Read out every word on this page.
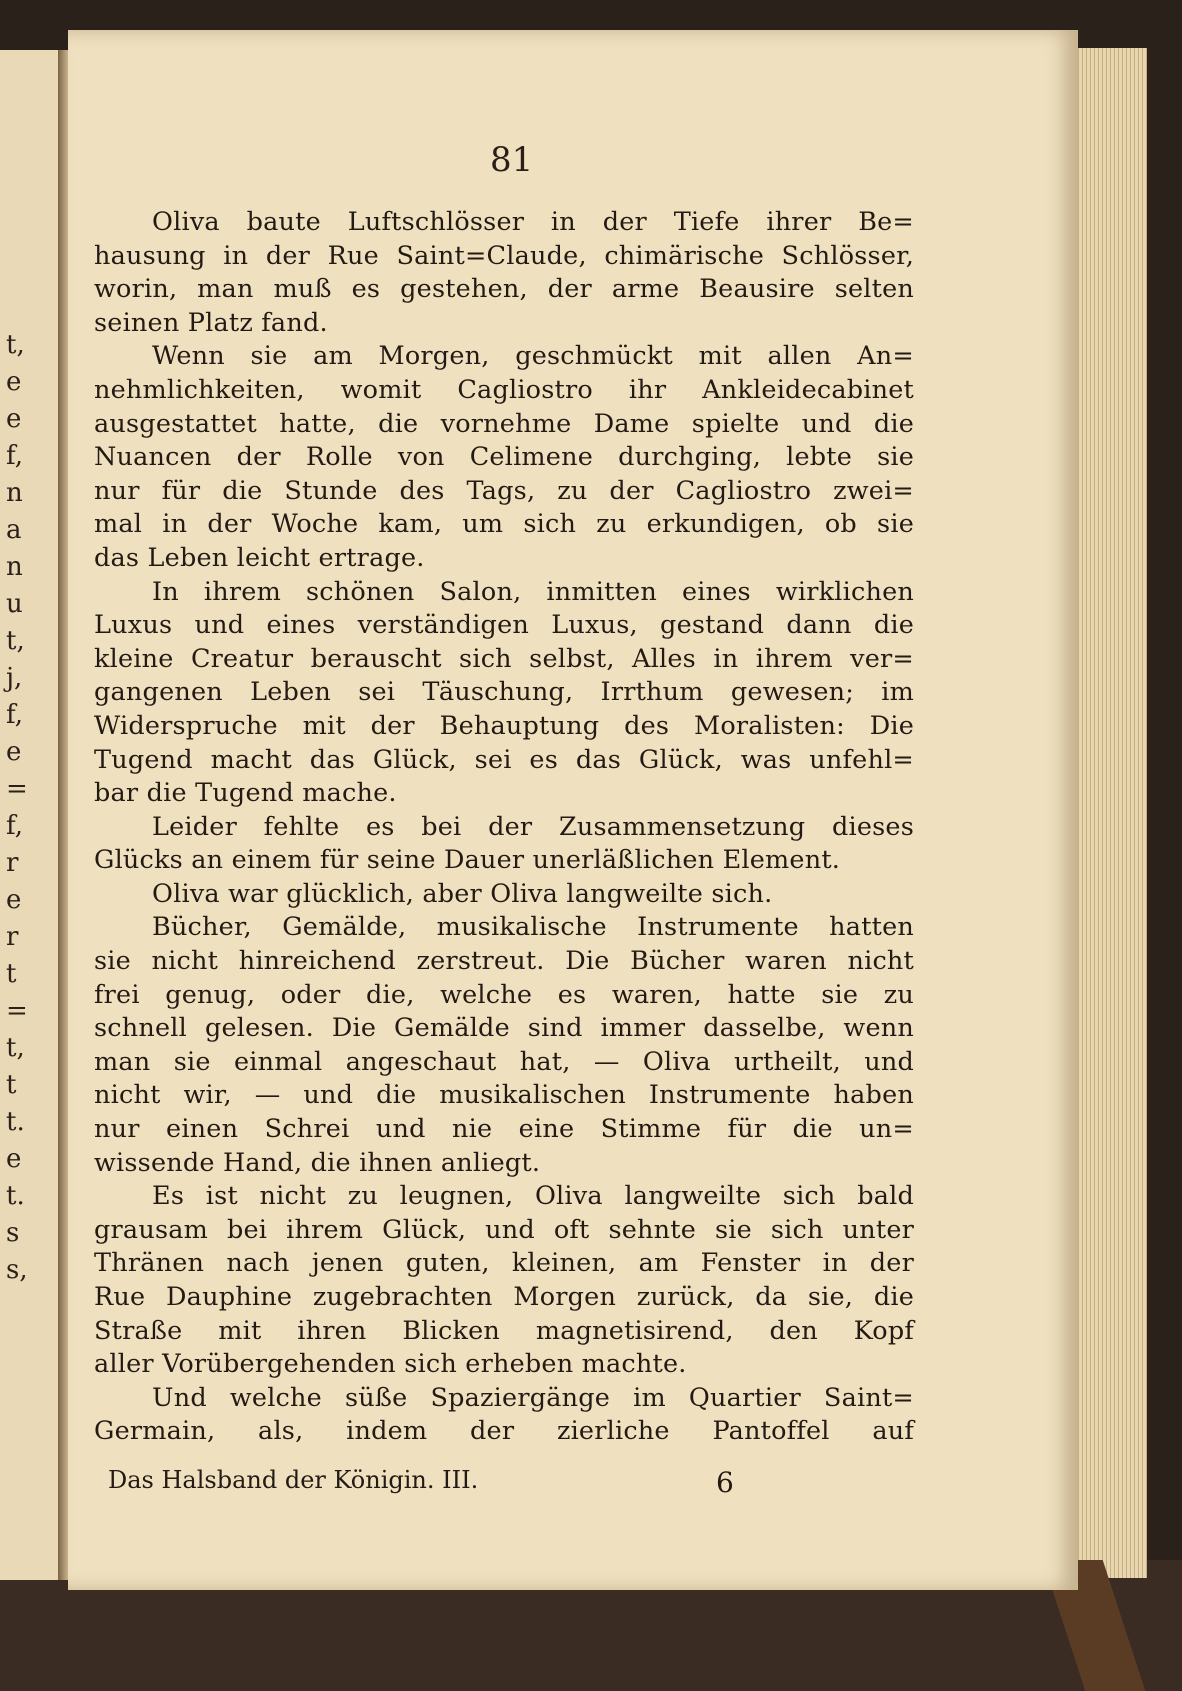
t,
e
e
f,
n
a
n
u
t,
j,
f,
e
=
f,
r
e
r
t
=
t,
t
t.
e
t.
s
s,
81
Oliva baute Luftschlösser in der Tiefe ihrer Be=
hausung in der Rue Saint=Claude, chimärische Schlösser,
worin, man muß es gestehen, der arme Beausire selten
seinen Platz fand.
Wenn sie am Morgen, geschmückt mit allen An=
nehmlichkeiten, womit Cagliostro ihr Ankleidecabinet
ausgestattet hatte, die vornehme Dame spielte und die
Nuancen der Rolle von Celimene durchging, lebte sie
nur für die Stunde des Tags, zu der Cagliostro zwei=
mal in der Woche kam, um sich zu erkundigen, ob sie
das Leben leicht ertrage.
In ihrem schönen Salon, inmitten eines wirklichen
Luxus und eines verständigen Luxus, gestand dann die
kleine Creatur berauscht sich selbst, Alles in ihrem ver=
gangenen Leben sei Täuschung, Irrthum gewesen; im
Widerspruche mit der Behauptung des Moralisten: Die
Tugend macht das Glück, sei es das Glück, was unfehl=
bar die Tugend mache.
Leider fehlte es bei der Zusammensetzung dieses
Glücks an einem für seine Dauer unerläßlichen Element.
Oliva war glücklich, aber Oliva langweilte sich.
Bücher, Gemälde, musikalische Instrumente hatten
sie nicht hinreichend zerstreut. Die Bücher waren nicht
frei genug, oder die, welche es waren, hatte sie zu
schnell gelesen. Die Gemälde sind immer dasselbe, wenn
man sie einmal angeschaut hat, — Oliva urtheilt, und
nicht wir, — und die musikalischen Instrumente haben
nur einen Schrei und nie eine Stimme für die un=
wissende Hand, die ihnen anliegt.
Es ist nicht zu leugnen, Oliva langweilte sich bald
grausam bei ihrem Glück, und oft sehnte sie sich unter
Thränen nach jenen guten, kleinen, am Fenster in der
Rue Dauphine zugebrachten Morgen zurück, da sie, die
Straße mit ihren Blicken magnetisirend, den Kopf
aller Vorübergehenden sich erheben machte.
Und welche süße Spaziergänge im Quartier Saint=
Germain, als, indem der zierliche Pantoffel auf
Das Halsband der Königin. III.	6
